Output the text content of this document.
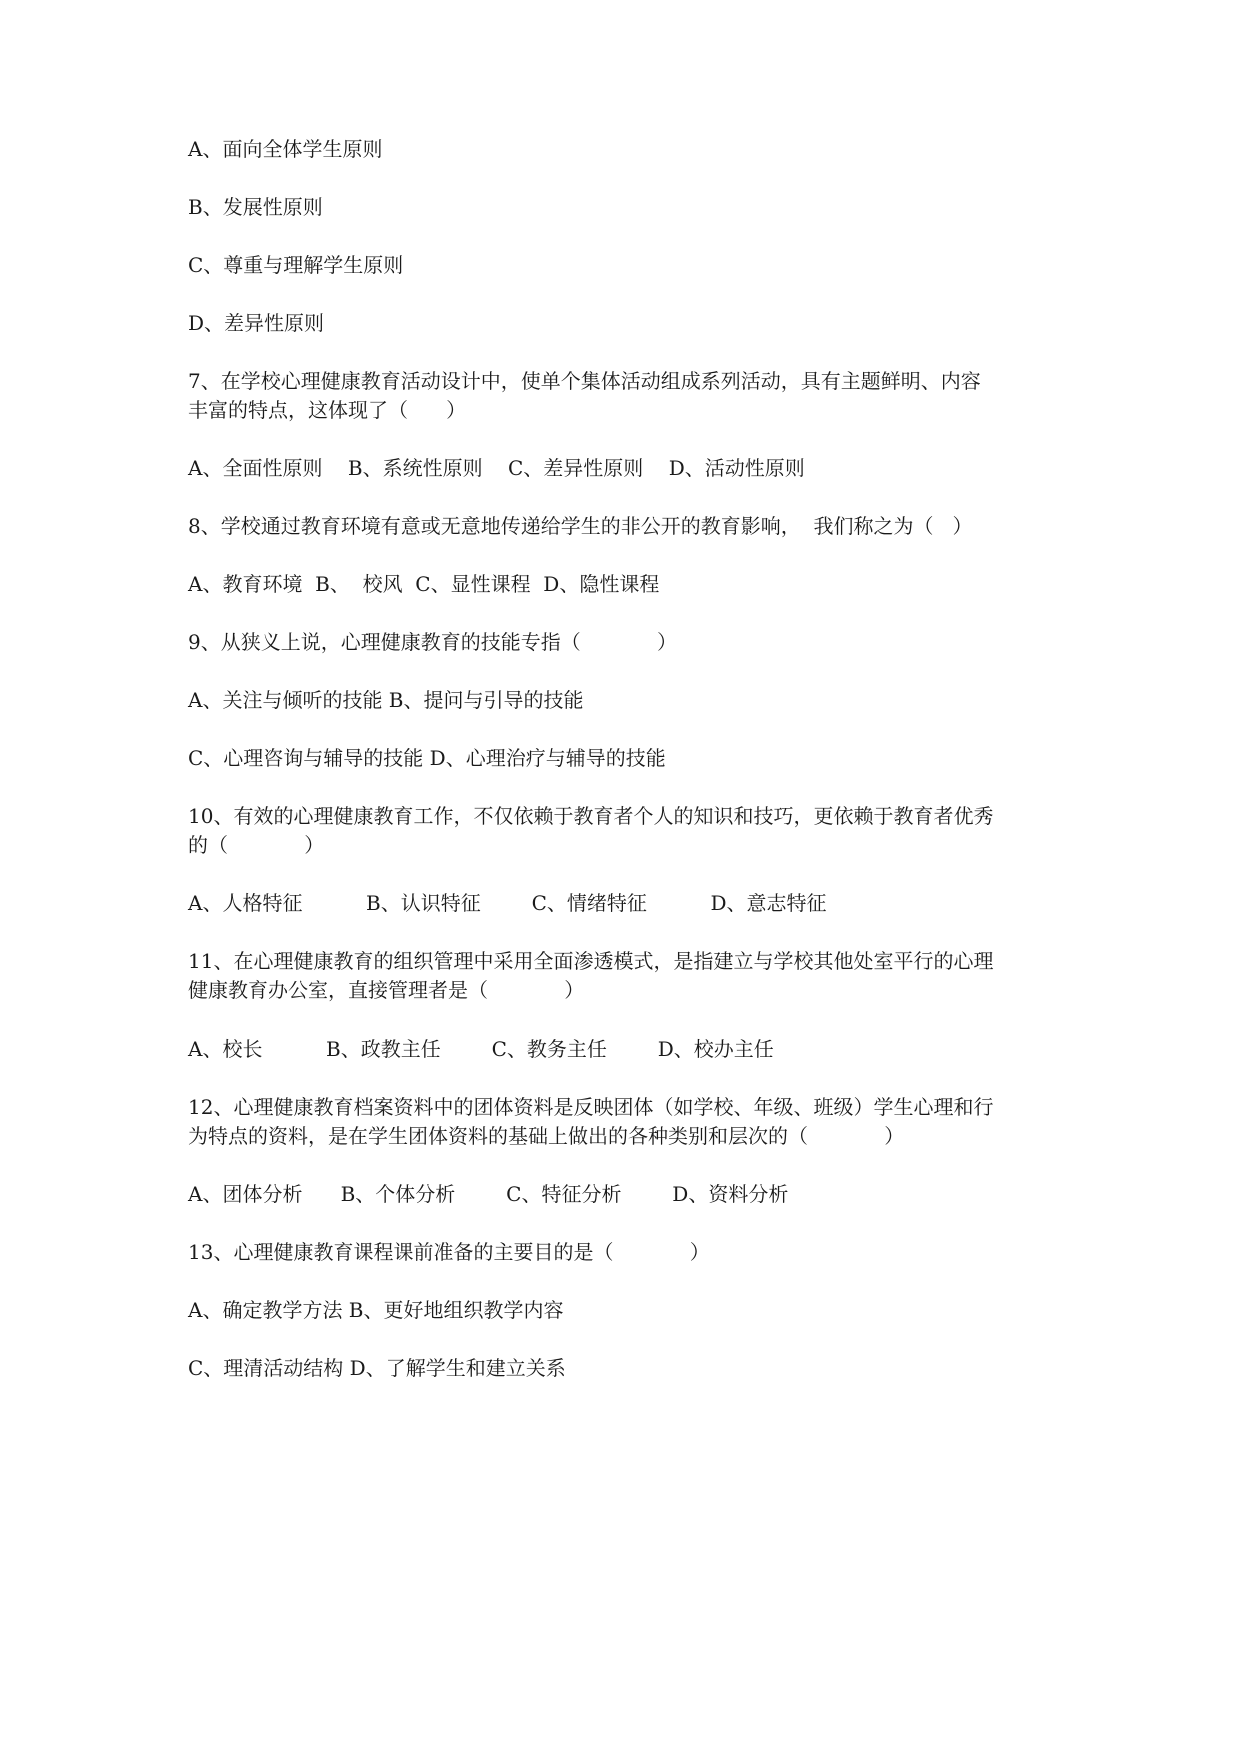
A、面向全体学生原则

B、发展性原则

C、尊重与理解学生原则

D、差异性原则

7、在学校心理健康教育活动设计中，使单个集体活动组成系列活动，具有主题鲜明、内容

丰富的特点，这体现了（      ）

A、全面性原则    B、系统性原则    C、差异性原则    D、活动性原则

8、学校通过教育环境有意或无意地传递给学生的非公开的教育影响，  我们称之为（   ）

A、教育环境  B、  校风  C、显性课程  D、隐性课程

9、从狭义上说，心理健康教育的技能专指（            ）

A、关注与倾听的技能 B、提问与引导的技能

C、心理咨询与辅导的技能 D、心理治疗与辅导的技能

10、有效的心理健康教育工作，不仅依赖于教育者个人的知识和技巧，更依赖于教育者优秀

的（            ）

A、人格特征          B、认识特征        C、情绪特征          D、意志特征

11、在心理健康教育的组织管理中采用全面渗透模式，是指建立与学校其他处室平行的心理

健康教育办公室，直接管理者是（            ）

A、校长          B、政教主任        C、教务主任        D、校办主任

12、心理健康教育档案资料中的团体资料是反映团体（如学校、年级、班级）学生心理和行

为特点的资料，是在学生团体资料的基础上做出的各种类别和层次的（            ）

A、团体分析      B、个体分析        C、特征分析        D、资料分析

13、心理健康教育课程课前准备的主要目的是（            ）

A、确定教学方法 B、更好地组织教学内容

C、理清活动结构 D、了解学生和建立关系
